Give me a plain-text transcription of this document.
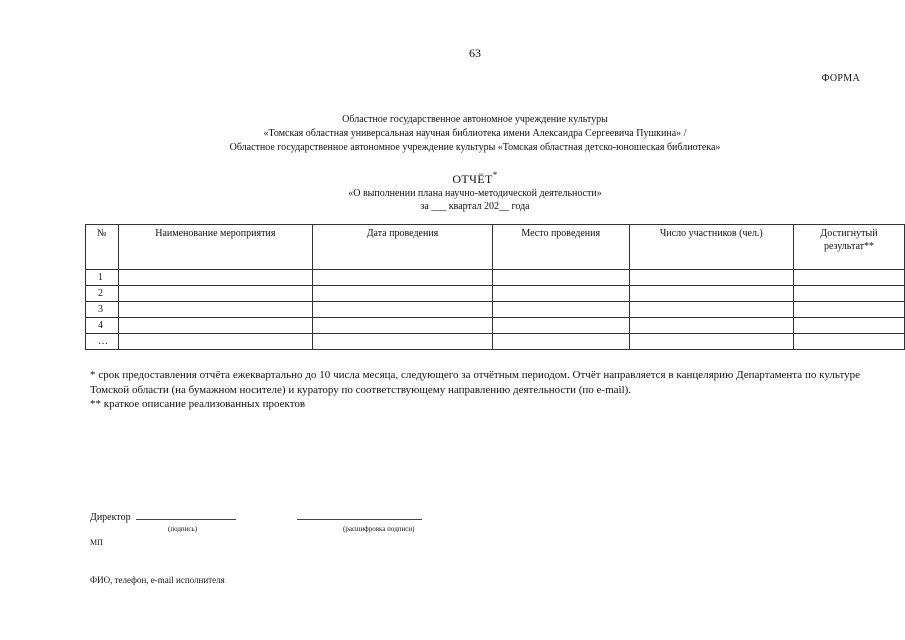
63
ФОРМА
Областное государственное автономное учреждение культуры
«Томская областная универсальная научная библиотека имени Александра Сергеевича Пушкина» /
Областное государственное автономное учреждение культуры «Томская областная детско-юношеская библиотека»
ОТЧЁТ*
«О выполнении плана научно-методической деятельности»
за ___ квартал 202__ года
№	Наименование мероприятия	Дата проведения	Место проведения	Число участников (чел.)	Достигнутый результат**
1					
2					
3					
4					
…					

* срок предоставления отчёта ежеквартально до 10 числа месяца, следующего за отчётным периодом. Отчёт направляется в канцелярию Департамента по культуре Томской области (на бумажном носителе) и куратору по соответствующему направлению деятельности (по e-mail).

** краткое описание реализованных проектов

Директор
(подпись)	(расшифровка подписи)
МП
ФИО, телефон, e-mail исполнителя
